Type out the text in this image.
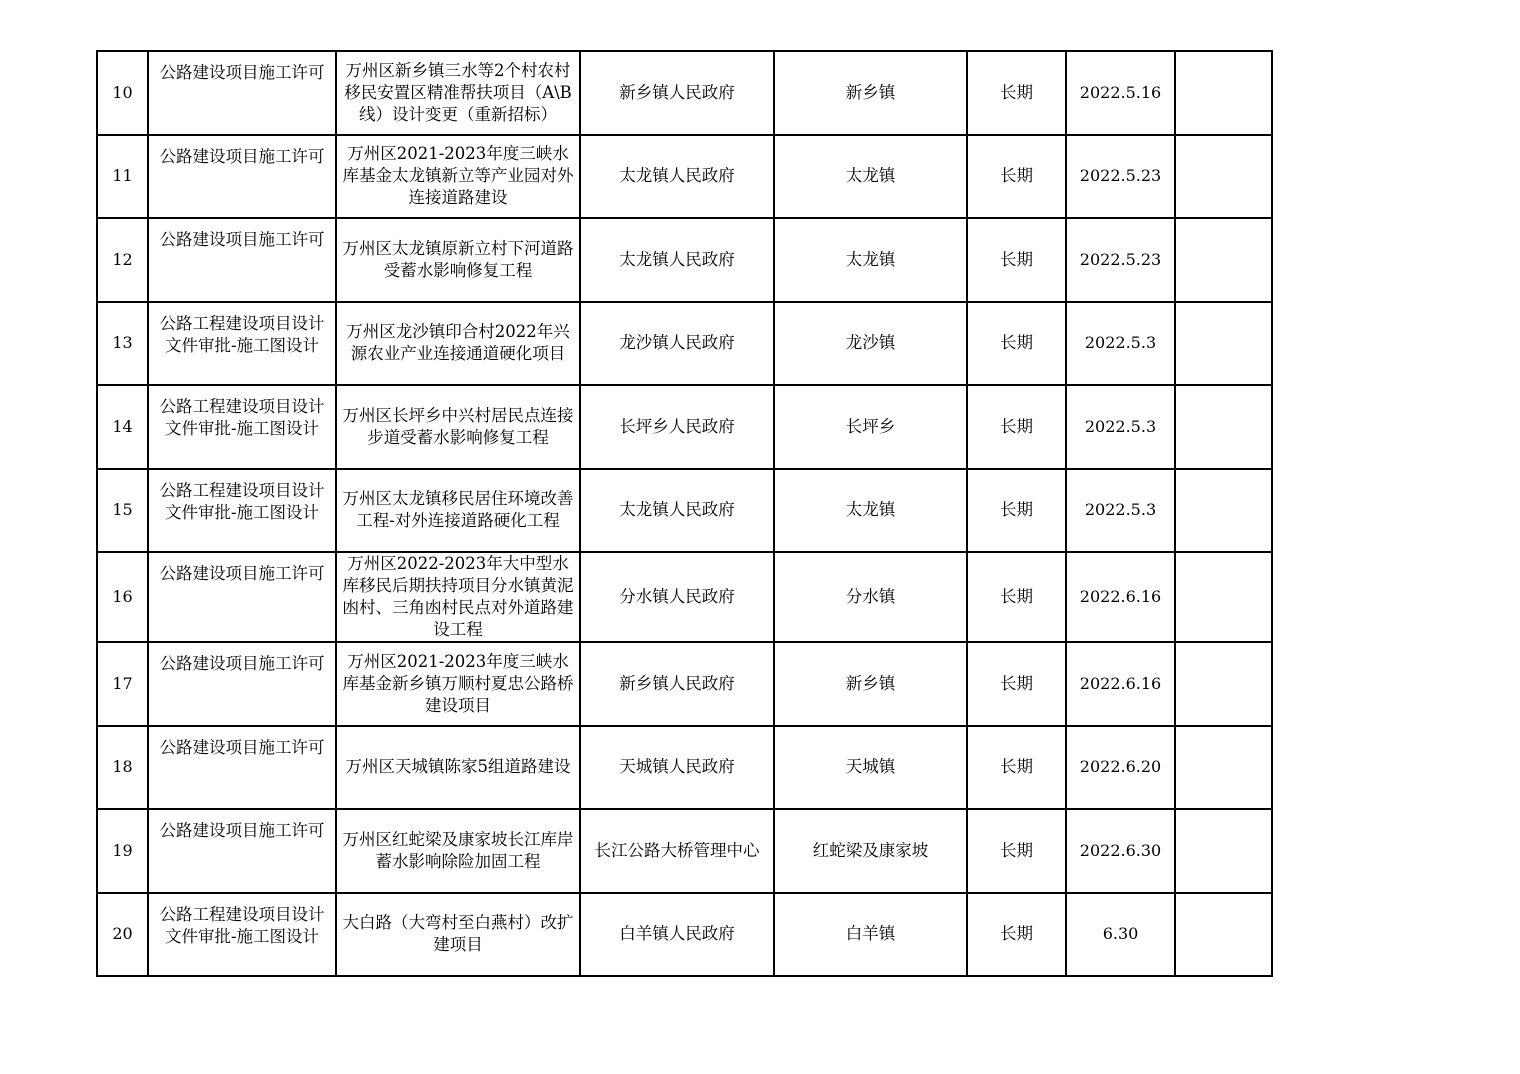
10	公路建设项目施工许可	万州区新乡镇三水等2个村农村移民安置区精准帮扶项目（A\B线）设计变更（重新招标）	新乡镇人民政府	新乡镇	长期	2022.5.16	

11	公路建设项目施工许可	万州区2021-2023年度三峡水库基金太龙镇新立等产业园对外连接道路建设	太龙镇人民政府	太龙镇	长期	2022.5.23	

12	公路建设项目施工许可	万州区太龙镇原新立村下河道路受蓄水影响修复工程	太龙镇人民政府	太龙镇	长期	2022.5.23	

13	公路工程建设项目设计文件审批-施工图设计	万州区龙沙镇印合村2022年兴源农业产业连接通道硬化项目	龙沙镇人民政府	龙沙镇	长期	2022.5.3	

14	公路工程建设项目设计文件审批-施工图设计	万州区长坪乡中兴村居民点连接步道受蓄水影响修复工程	长坪乡人民政府	长坪乡	长期	2022.5.3	

15	公路工程建设项目设计文件审批-施工图设计	万州区太龙镇移民居住环境改善工程-对外连接道路硬化工程	太龙镇人民政府	太龙镇	长期	2022.5.3	

16	公路建设项目施工许可	万州区2022-2023年大中型水库移民后期扶持项目分水镇黄泥凼村、三角凼村民点对外道路建设工程	分水镇人民政府	分水镇	长期	2022.6.16	

17	公路建设项目施工许可	万州区2021-2023年度三峡水库基金新乡镇万顺村夏忠公路桥建设项目	新乡镇人民政府	新乡镇	长期	2022.6.16	

18	公路建设项目施工许可	万州区天城镇陈家5组道路建设	天城镇人民政府	天城镇	长期	2022.6.20	

19	公路建设项目施工许可	万州区红蛇梁及康家坡长江库岸蓄水影响除险加固工程	长江公路大桥管理中心	红蛇梁及康家坡	长期	2022.6.30	

20	公路工程建设项目设计文件审批-施工图设计	大白路（大弯村至白燕村）改扩建项目	白羊镇人民政府	白羊镇	长期	6.30	
